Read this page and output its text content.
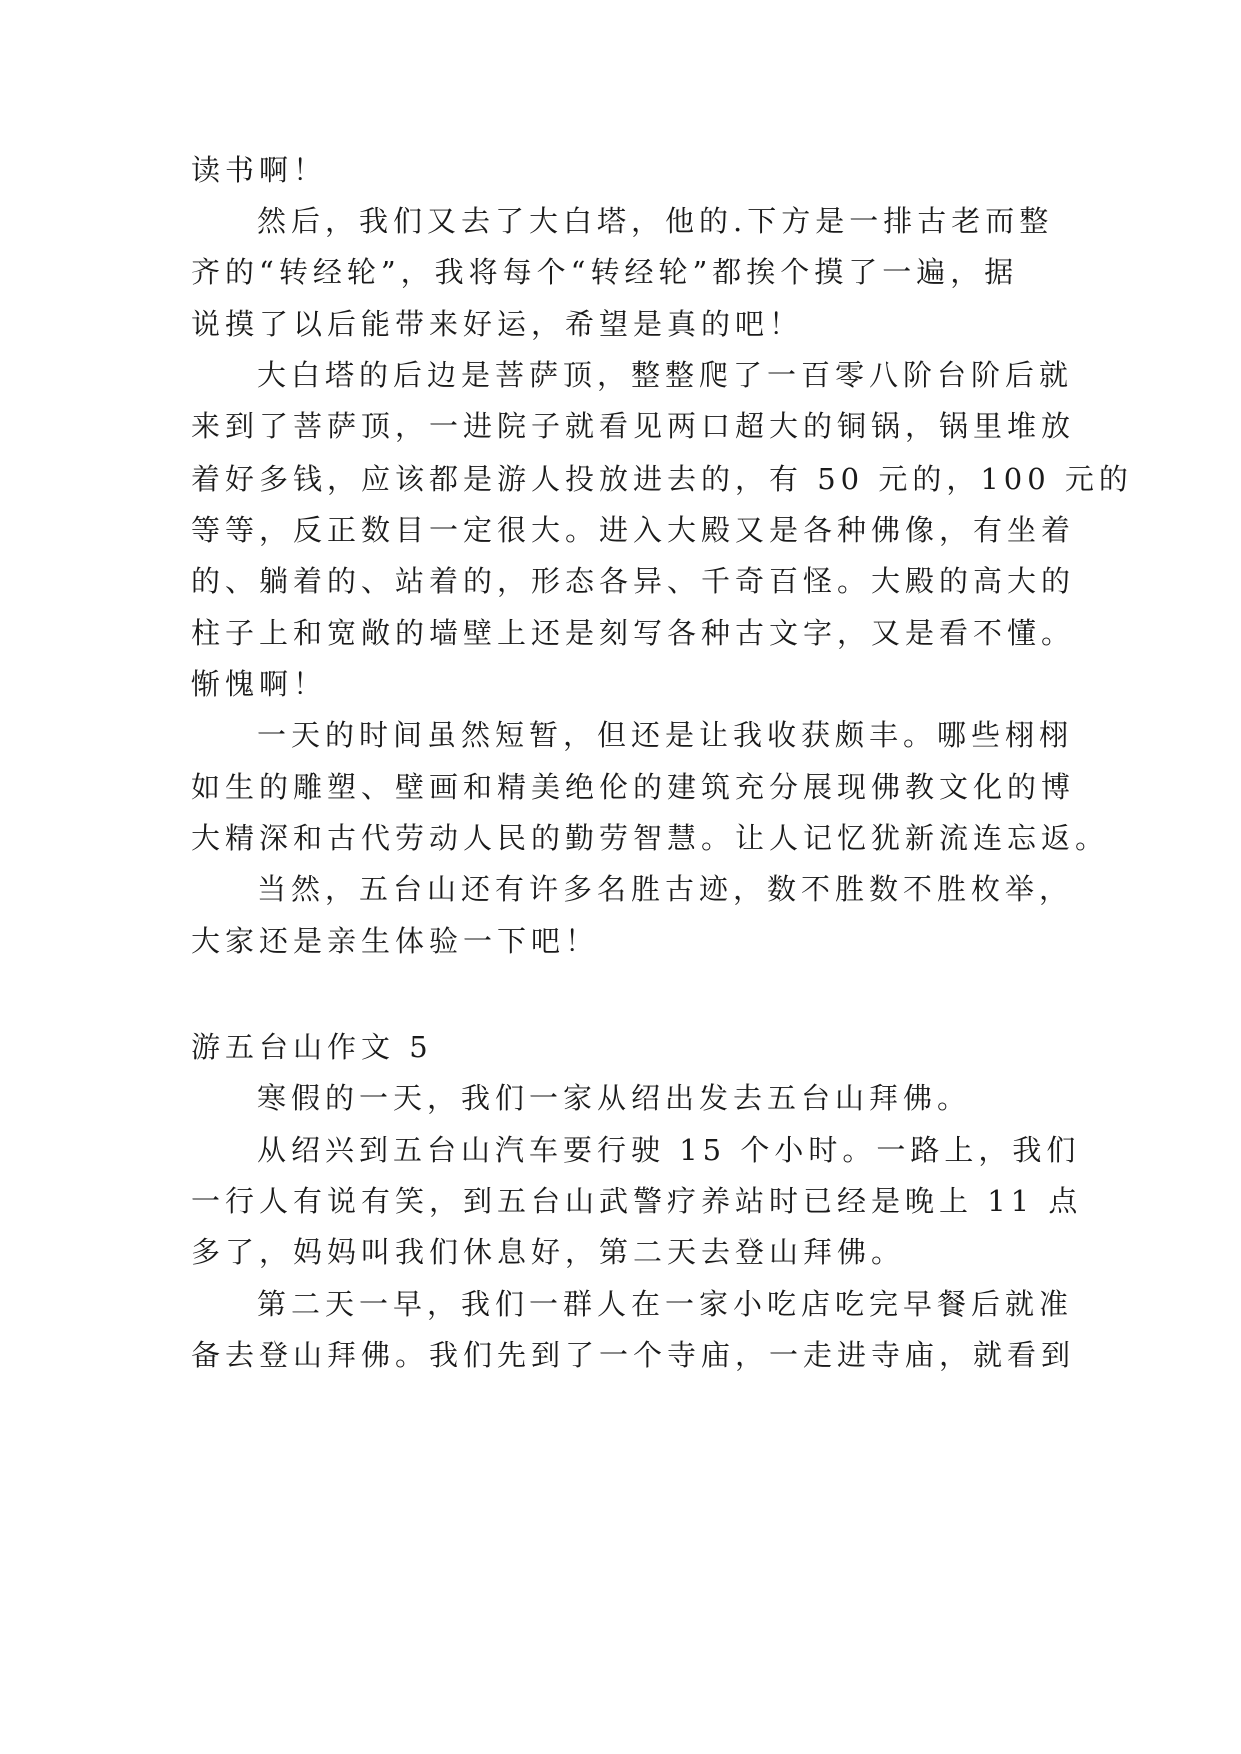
读书啊！
然后，我们又去了大白塔，他的.下方是一排古老而整
齐的“转经轮”，我将每个“转经轮”都挨个摸了一遍，据
说摸了以后能带来好运，希望是真的吧！
大白塔的后边是菩萨顶，整整爬了一百零八阶台阶后就
来到了菩萨顶，一进院子就看见两口超大的铜锅，锅里堆放
着好多钱，应该都是游人投放进去的，有 50 元的，100 元的
等等，反正数目一定很大。进入大殿又是各种佛像，有坐着
的、躺着的、站着的，形态各异、千奇百怪。大殿的高大的
柱子上和宽敞的墙壁上还是刻写各种古文字，又是看不懂。
惭愧啊！
一天的时间虽然短暂，但还是让我收获颇丰。哪些栩栩
如生的雕塑、壁画和精美绝伦的建筑充分展现佛教文化的博
大精深和古代劳动人民的勤劳智慧。让人记忆犹新流连忘返。
当然，五台山还有许多名胜古迹，数不胜数不胜枚举，
大家还是亲生体验一下吧！
游五台山作文 5
寒假的一天，我们一家从绍出发去五台山拜佛。
从绍兴到五台山汽车要行驶 15 个小时。一路上，我们
一行人有说有笑，到五台山武警疗养站时已经是晚上 11 点
多了，妈妈叫我们休息好，第二天去登山拜佛。
第二天一早，我们一群人在一家小吃店吃完早餐后就准
备去登山拜佛。我们先到了一个寺庙，一走进寺庙，就看到
